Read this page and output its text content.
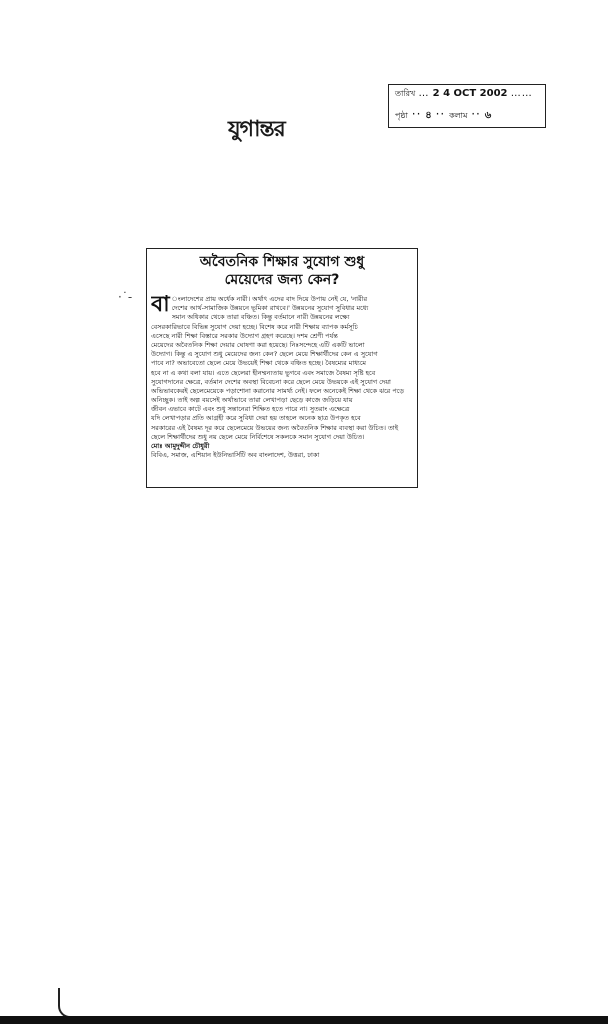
যুগান্তর
তারিখ … 2 4 OCT 2002 ……
পৃষ্ঠা ·· ৪ ·· কলাম ·· ৬
·˙-
অবৈতনিক শিক্ষার সুযোগ শুধু
মেয়েদের জন্য কেন?
বা ংলাদেশের প্রায় অর্ধেক নারী। অর্থাৎ এদের বাদ দিয়ে উপায় নেই যে, 'নারীর
দেশের আর্থ-সামাজিক উন্নয়নে ভূমিকা রাখবে।' উন্নয়নের সুযোগ সুবিধার মধ্যে
সমান অধিকার থেকে তারা বঞ্চিত। কিন্তু বর্তমানে নারী উন্নয়নের লক্ষ্যে
বেসরকারিভাবে বিভিন্ন সুযোগ দেয়া হচ্ছে। বিশেষ করে নারী শিক্ষায় ব্যাপক কর্মসূচি
এসেছে নারী শিক্ষা বিস্তারে সরকার উদ্যোগ গ্রহণ করেছে। দশম শ্রেণী পর্যন্ত
মেয়েদের অবৈতনিক শিক্ষা দেয়ার ঘোষণা করা হয়েছে। নিঃসন্দেহে এটি একটি ভালো
উদ্যোগ। কিন্তু এ সুযোগ শুধু মেয়েদের জন্য কেন? ছেলে মেয়ে শিক্ষার্থীদের কেন এ সুযোগ
পাবে না? অভাবেতো ছেলে মেয়ে উভয়েই শিক্ষা থেকে বঞ্চিত হচ্ছে। বৈষম্যের মাধ্যমে
হবে না এ কথা বলা যায়। এতে ছেলেরা হীনম্মন্যতায় ভুগবে এবং সমাজে বৈষম্য সৃষ্টি হবে
সুযোগদানের ক্ষেত্রে, বর্তমান দেশের অবস্থা বিবেচনা করে ছেলে মেয়ে উভয়কে এই সুযোগ দেয়া
অভিভাবকেরই ছেলেমেয়েকে পড়াশোনা করানোর সামর্থ্য নেই। ফলে অনেকেই শিক্ষা থেকে ঝরে পড়ে
অনিচ্ছুক। তাই অল্প বয়সেই অর্থাভাবে তারা লেখাপড়া ছেড়ে কাজে জড়িয়ে যায়
জীবন এভাবে কাটে এবং শুধু সন্তানেরা শিক্ষিত হতে পারে না। সুতরাং এক্ষেত্রে
যদি লেখাপড়ার প্রতি আগ্রহী করে সুবিধা দেয়া হয় তাহলে অনেক ছাত্র উপকৃত হবে
সরকারের এই বৈষম্য দূর করে ছেলেমেয়ে উভয়ের জন্য অবৈতনিক শিক্ষার ব্যবস্থা করা উচিত। তাই
ছেলে শিক্ষার্থীদের শুধু নয় ছেলে মেয়ে নির্বিশেষে সকলকে সমান সুযোগ দেয়া উচিত।
মোঃ আমুদুদ্দীন চৌধুরী
বিবিএ, সমাজ, এশিয়ান ইউনিভার্সিটি অব বাংলাদেশ, উত্তরা, ঢাকা
